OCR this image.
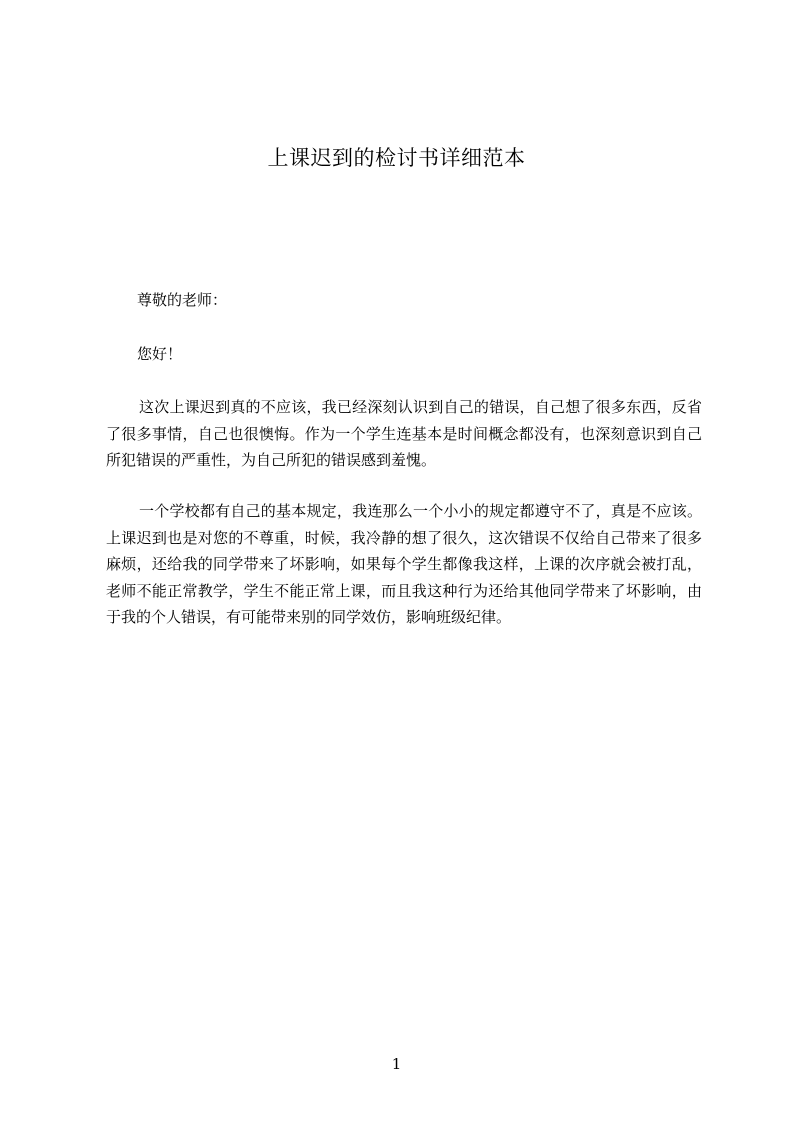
上课迟到的检讨书详细范本
尊敬的老师：
您好！

这次上课迟到真的不应该，我已经深刻认识到自己的错误，自己想了很多东西，反省了很多事情，自己也很懊悔。作为一个学生连基本是时间概念都没有，也深刻意识到自己所犯错误的严重性，为自己所犯的错误感到羞愧。

一个学校都有自己的基本规定，我连那么一个小小的规定都遵守不了，真是不应该。上课迟到也是对您的不尊重，时候，我冷静的想了很久，这次错误不仅给自己带来了很多麻烦，还给我的同学带来了坏影响，如果每个学生都像我这样，上课的次序就会被打乱，老师不能正常教学，学生不能正常上课，而且我这种行为还给其他同学带来了坏影响，由于我的个人错误，有可能带来别的同学效仿，影响班级纪律。

1
